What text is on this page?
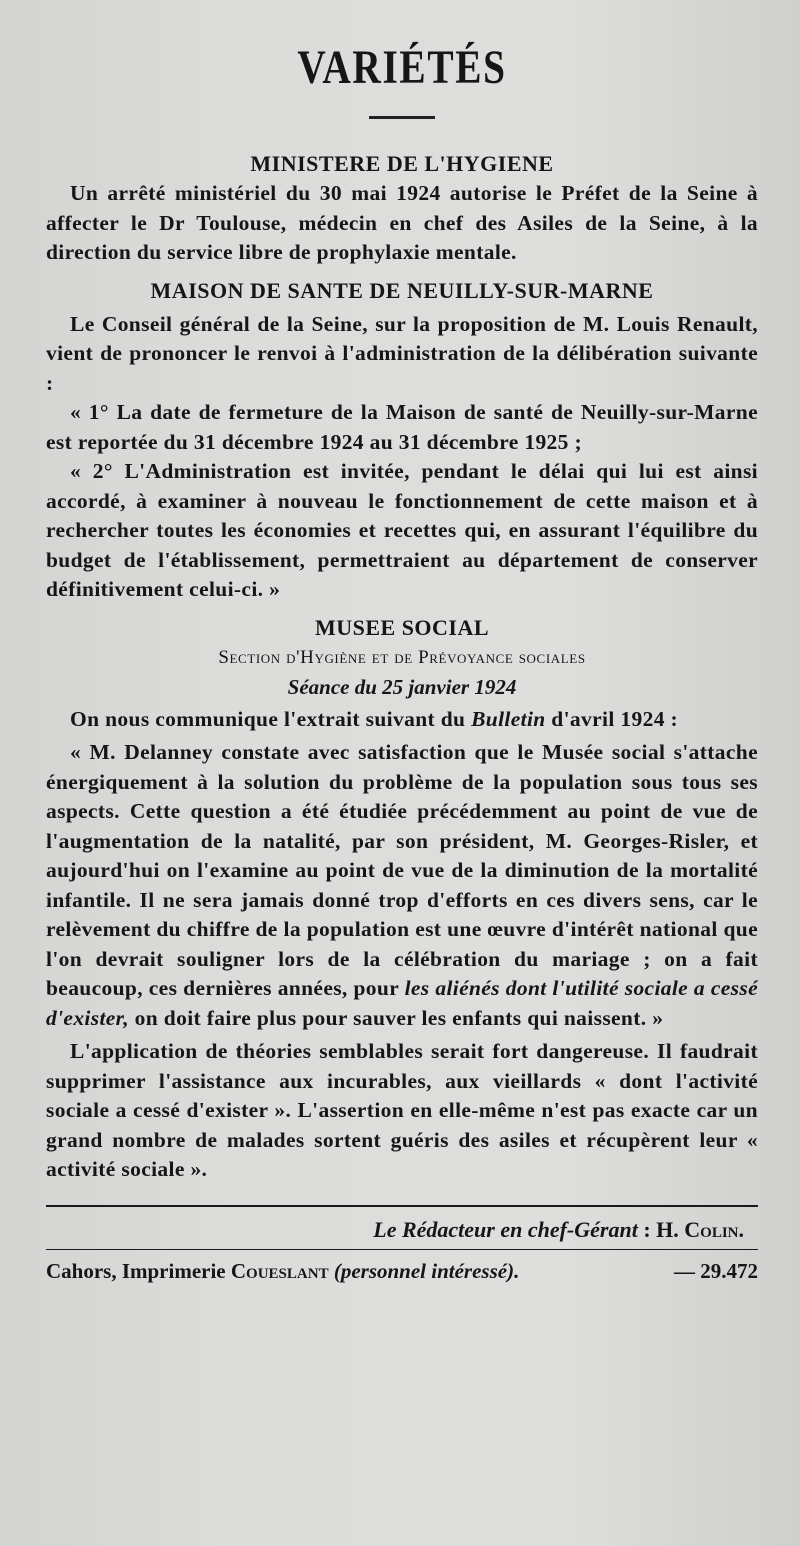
VARIÉTÉS
MINISTERE DE L'HYGIENE

Un arrêté ministériel du 30 mai 1924 autorise le Préfet de la Seine à affecter le Dr Toulouse, médecin en chef des Asiles de la Seine, à la direction du service libre de prophylaxie mentale.

MAISON DE SANTE DE NEUILLY-SUR-MARNE

Le Conseil général de la Seine, sur la proposition de M. Louis Renault, vient de prononcer le renvoi à l'administration de la délibération suivante :

« 1° La date de fermeture de la Maison de santé de Neuilly-sur-Marne est reportée du 31 décembre 1924 au 31 décembre 1925 ;

« 2° L'Administration est invitée, pendant le délai qui lui est ainsi accordé, à examiner à nouveau le fonctionnement de cette maison et à rechercher toutes les économies et recettes qui, en assurant l'équilibre du budget de l'établissement, permettraient au département de conserver définitivement celui-ci. »

MUSEE SOCIAL
Section d'Hygiène et de Prévoyance sociales
Séance du 25 janvier 1924

On nous communique l'extrait suivant du Bulletin d'avril 1924 :

« M. Delanney constate avec satisfaction que le Musée social s'attache énergiquement à la solution du problème de la population sous tous ses aspects. Cette question a été étudiée précédemment au point de vue de l'augmentation de la natalité, par son président, M. Georges-Risler, et aujourd'hui on l'examine au point de vue de la diminution de la mortalité infantile. Il ne sera jamais donné trop d'efforts en ces divers sens, car le relèvement du chiffre de la population est une œuvre d'intérêt national que l'on devrait souligner lors de la célébration du mariage ; on a fait beaucoup, ces dernières années, pour les aliénés dont l'utilité sociale a cessé d'exister, on doit faire plus pour sauver les enfants qui naissent. »

L'application de théories semblables serait fort dangereuse. Il faudrait supprimer l'assistance aux incurables, aux vieillards « dont l'activité sociale a cessé d'exister ». L'assertion en elle-même n'est pas exacte car un grand nombre de malades sortent guéris des asiles et récupèrent leur « activité sociale ».

Le Rédacteur en chef-Gérant : H. Colin.
Cahors, Imprimerie Coueslant (personnel intéressé).	— 29.472
